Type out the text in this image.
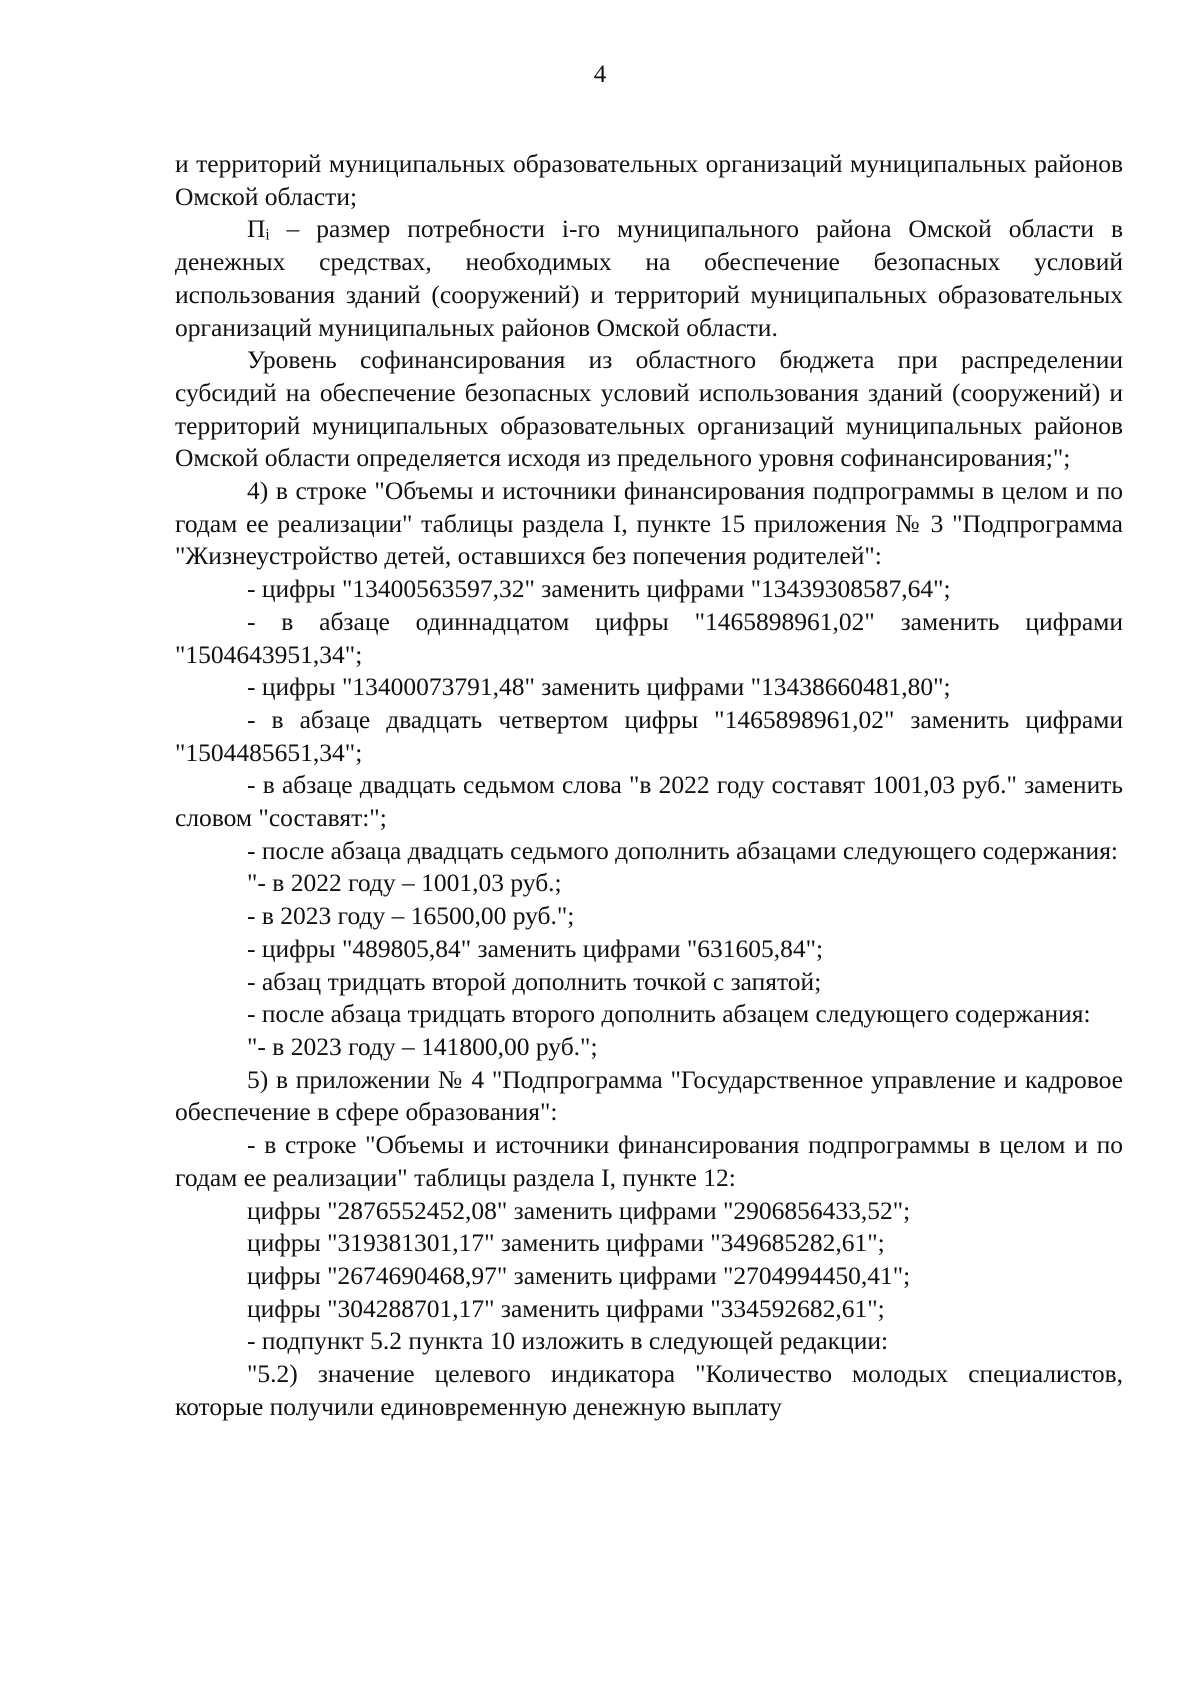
4

и территорий муниципальных образовательных организаций муниципальных районов Омской области;

Пᵢ – размер потребности i-го муниципального района Омской области в денежных средствах, необходимых на обеспечение безопасных условий использования зданий (сооружений) и территорий муниципальных образовательных организаций муниципальных районов Омской области.

Уровень софинансирования из областного бюджета при распределении субсидий на обеспечение безопасных условий использования зданий (сооружений) и территорий муниципальных образовательных организаций муниципальных районов Омской области определяется исходя из предельного уровня софинансирования;";

4) в строке "Объемы и источники финансирования подпрограммы в целом и по годам ее реализации" таблицы раздела I, пункте 15 приложения № 3 "Подпрограмма "Жизнеустройство детей, оставшихся без попечения родителей":

- цифры "13400563597,32" заменить цифрами "13439308587,64";

- в абзаце одиннадцатом цифры "1465898961,02" заменить цифрами "1504643951,34";

- цифры "13400073791,48" заменить цифрами "13438660481,80";

- в абзаце двадцать четвертом цифры "1465898961,02" заменить цифрами "1504485651,34";

- в абзаце двадцать седьмом слова "в 2022 году составят 1001,03 руб." заменить словом "составят:";

- после абзаца двадцать седьмого дополнить абзацами следующего содержания:

"- в 2022 году – 1001,03 руб.;

- в 2023 году – 16500,00 руб.";

- цифры "489805,84" заменить цифрами "631605,84";

- абзац тридцать второй дополнить точкой с запятой;

- после абзаца тридцать второго дополнить абзацем следующего содержания:

"- в 2023 году – 141800,00 руб.";

5) в приложении № 4 "Подпрограмма "Государственное управление и кадровое обеспечение в сфере образования":

- в строке "Объемы и источники финансирования подпрограммы в целом и по годам ее реализации" таблицы раздела I, пункте 12:

цифры "2876552452,08" заменить цифрами "2906856433,52";

цифры "319381301,17" заменить цифрами "349685282,61";

цифры "2674690468,97" заменить цифрами "2704994450,41";

цифры "304288701,17" заменить цифрами "334592682,61";

- подпункт 5.2 пункта 10 изложить в следующей редакции:

"5.2) значение целевого индикатора "Количество молодых специалистов, которые получили единовременную денежную выплату
